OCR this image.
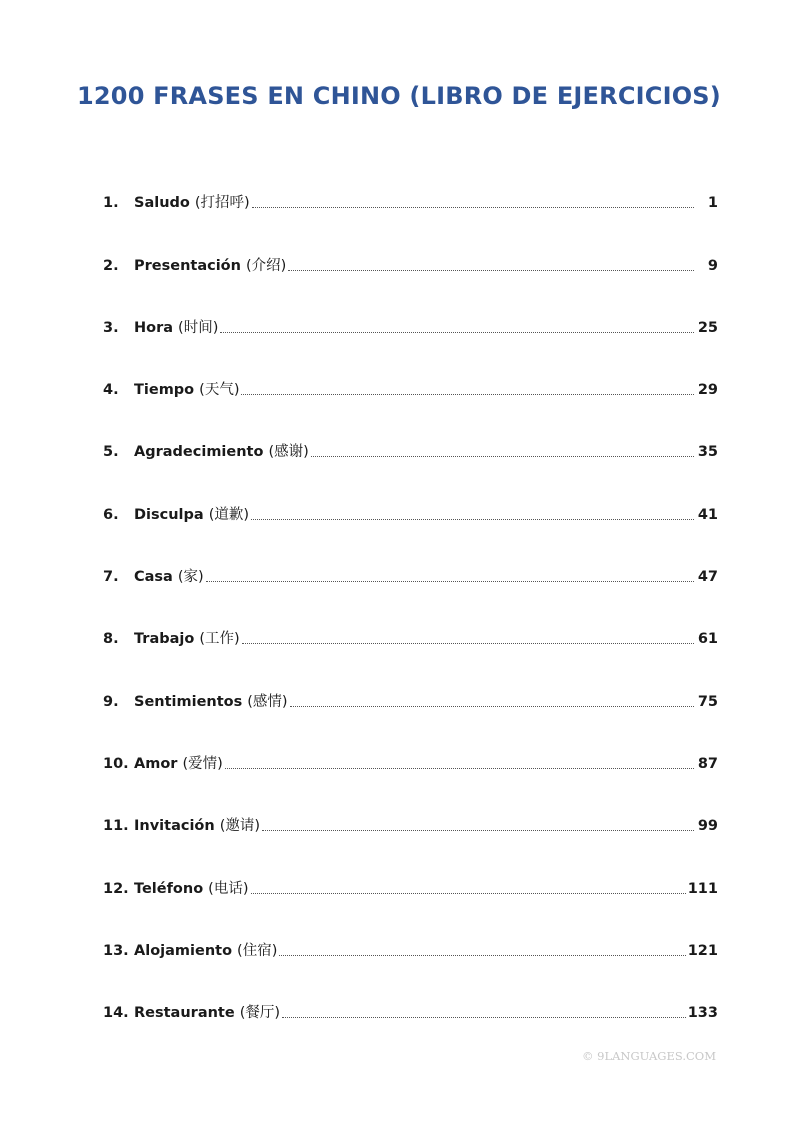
1200 FRASES EN CHINO (LIBRO DE EJERCICIOS)
1.	Saludo (打招呼)	1
2.	Presentación (介绍)	9
3.	Hora (时间)	25
4.	Tiempo (天气)	29
5.	Agradecimiento (感谢)	35
6.	Disculpa (道歉)	41
7.	Casa (家)	47
8.	Trabajo (工作)	61
9.	Sentimientos (感情)	75
10. Amor (爱情)	87
11. Invitación (邀请)	99
12. Teléfono (电话)	111
13. Alojamiento (住宿)	121
14. Restaurante (餐厅)	133
© 9LANGUAGES.COM
